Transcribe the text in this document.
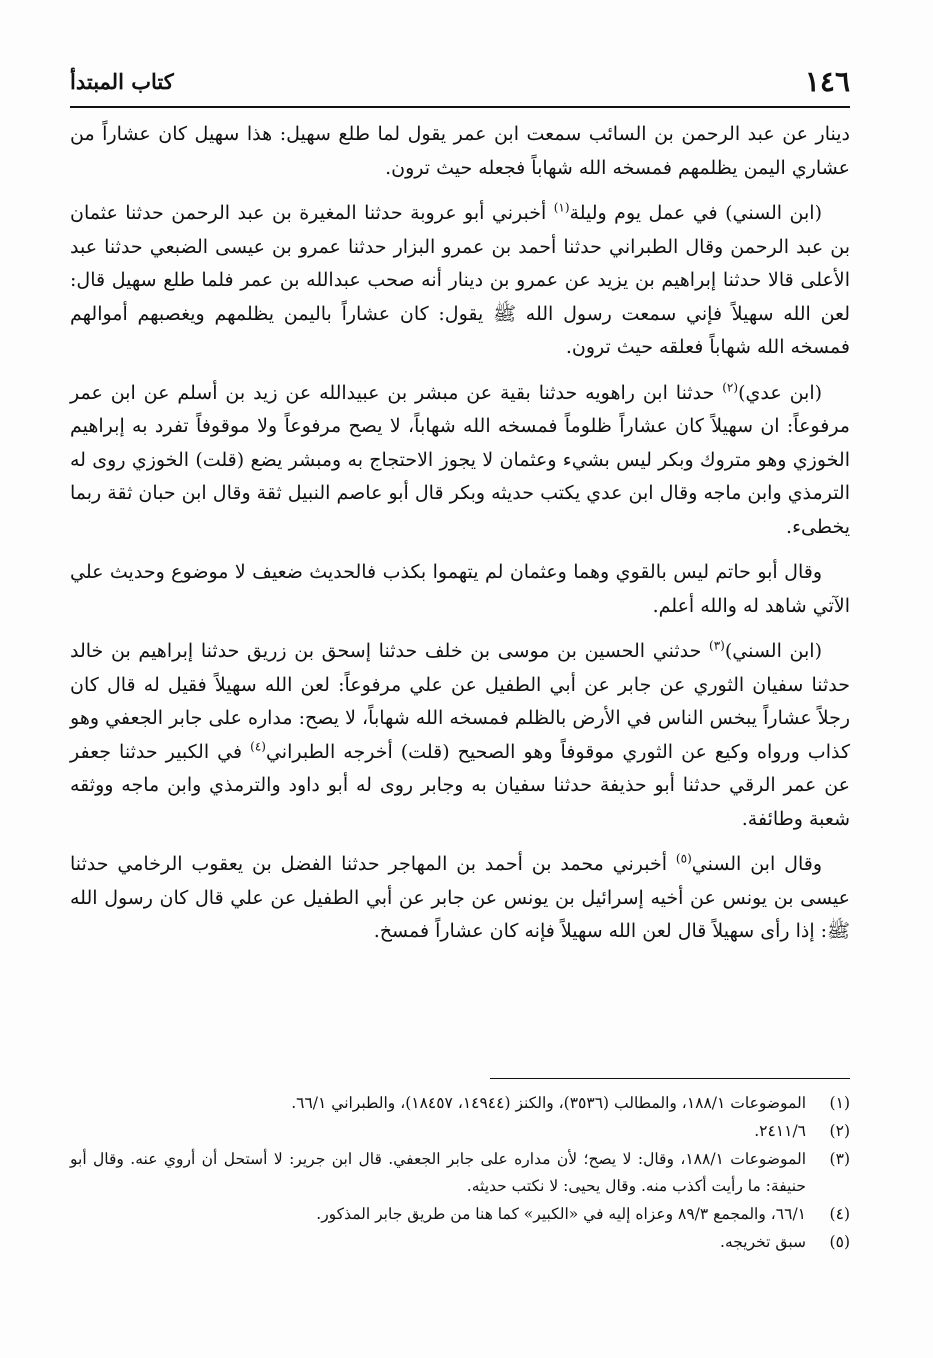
١٤٦
كتاب المبتدأ

دينار عن عبد الرحمن بن السائب سمعت ابن عمر يقول لما طلع سهيل: هذا سهيل كان عشاراً من عشاري اليمن يظلمهم فمسخه الله شهاباً فجعله حيث ترون.

(ابن السني) في عمل يوم وليلة$^{(١)}$ أخبرني أبو عروبة حدثنا المغيرة بن عبد الرحمن حدثنا عثمان بن عبد الرحمن وقال الطبراني حدثنا أحمد بن عمرو البزار حدثنا عمرو بن عيسى الضبعي حدثنا عبد الأعلى قالا حدثنا إبراهيم بن يزيد عن عمرو بن دينار أنه صحب عبدالله بن عمر فلما طلع سهيل قال: لعن الله سهيلاً فإني سمعت رسول الله ﷺ يقول: كان عشاراً باليمن يظلمهم ويغصبهم أموالهم فمسخه الله شهاباً فعلقه حيث ترون.

(ابن عدي)$^{(٢)}$ حدثنا ابن راهويه حدثنا بقية عن مبشر بن عبيدالله عن زيد بن أسلم عن ابن عمر مرفوعاً: ان سهيلاً كان عشاراً ظلوماً فمسخه الله شهاباً، لا يصح مرفوعاً ولا موقوفاً تفرد به إبراهيم الخوزي وهو متروك وبكر ليس بشيء وعثمان لا يجوز الاحتجاج به ومبشر يضع (قلت) الخوزي روى له الترمذي وابن ماجه وقال ابن عدي يكتب حديثه وبكر قال أبو عاصم النبيل ثقة وقال ابن حبان ثقة ربما يخطىء.

وقال أبو حاتم ليس بالقوي وهما وعثمان لم يتهموا بكذب فالحديث ضعيف لا موضوع وحديث علي الآتي شاهد له والله أعلم.

(ابن السني)$^{(٣)}$ حدثني الحسين بن موسى بن خلف حدثنا إسحق بن زريق حدثنا إبراهيم بن خالد حدثنا سفيان الثوري عن جابر عن أبي الطفيل عن علي مرفوعاً: لعن الله سهيلاً فقيل له قال كان رجلاً عشاراً يبخس الناس في الأرض بالظلم فمسخه الله شهاباً، لا يصح: مداره على جابر الجعفي وهو كذاب ورواه وكيع عن الثوري موقوفاً وهو الصحيح (قلت) أخرجه الطبراني$^{(٤)}$ في الكبير حدثنا جعفر عن عمر الرقي حدثنا أبو حذيفة حدثنا سفيان به وجابر روى له أبو داود والترمذي وابن ماجه ووثقه شعبة وطائفة.

وقال ابن السني$^{(٥)}$ أخبرني محمد بن أحمد بن المهاجر حدثنا الفضل بن يعقوب الرخامي حدثنا عيسى بن يونس عن أخيه إسرائيل بن يونس عن جابر عن أبي الطفيل عن علي قال كان رسول الله ﷺ: إذا رأى سهيلاً قال لعن الله سهيلاً فإنه كان عشاراً فمسخ.

(١)
الموضوعات ١٨٨/١، والمطالب (٣٥٣٦)، والكنز (١٤٩٤٤، ١٨٤٥٧)، والطبراني ٦٦/١.
(٢)
٢٤١١/٦.
(٣)
الموضوعات ١٨٨/١، وقال: لا يصح؛ لأن مداره على جابر الجعفي. قال ابن جرير: لا أستحل أن أروي عنه. وقال أبو حنيفة: ما رأيت أكذب منه. وقال يحيى: لا نكتب حديثه.
(٤)
٦٦/١، والمجمع ٨٩/٣ وعزاه إليه في «الكبير» كما هنا من طريق جابر المذكور.
(٥)
سبق تخريجه.
